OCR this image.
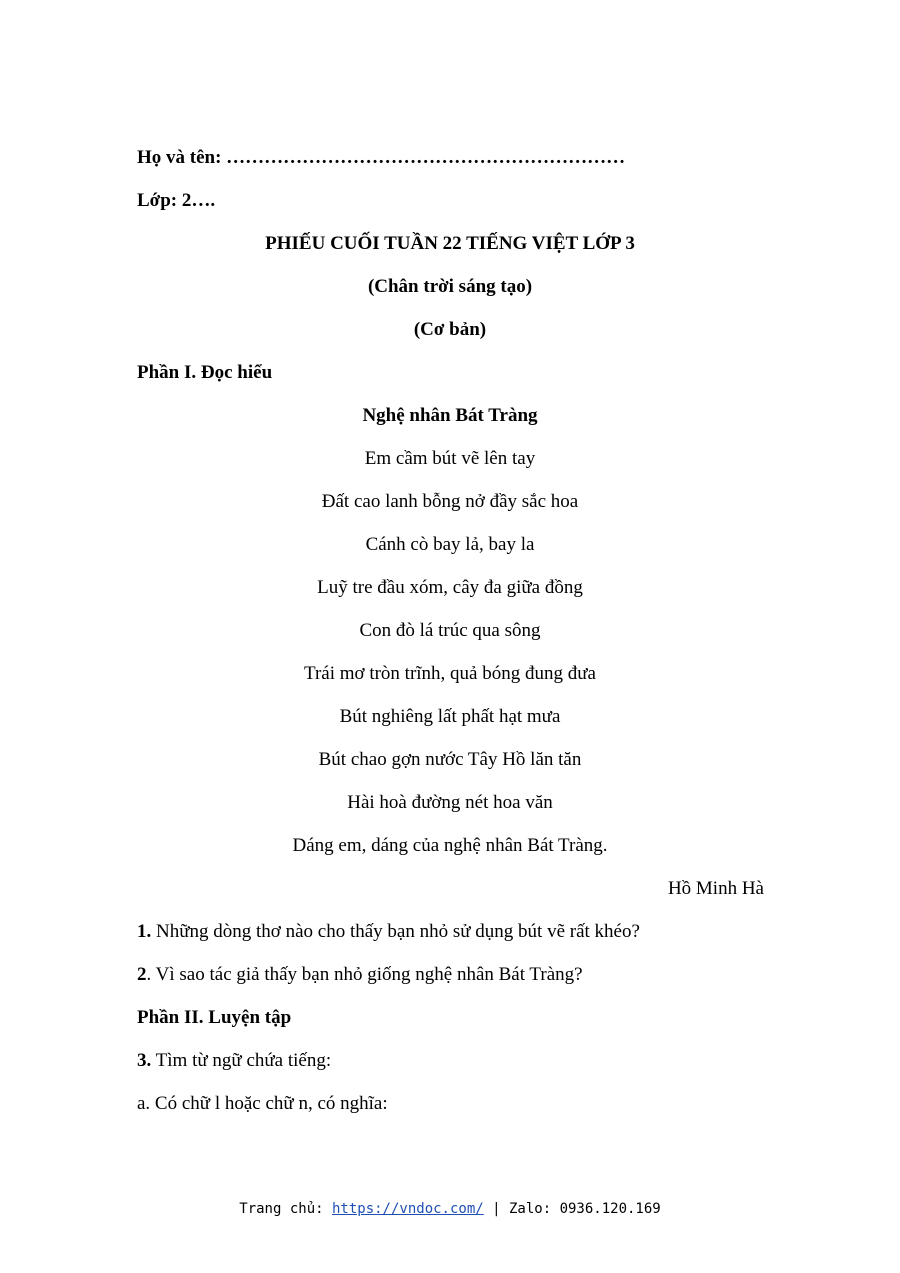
Họ và tên: ………………………………………………………
Lớp: 2….
PHIẾU CUỐI TUẦN 22 TIẾNG VIỆT LỚP 3
(Chân trời sáng tạo)
(Cơ bản)
Phần I. Đọc hiểu
Nghệ nhân Bát Tràng
Em cầm bút vẽ lên tay
Đất cao lanh bỗng nở đầy sắc hoa
Cánh cò bay lả, bay la
Luỹ tre đầu xóm, cây đa giữa đồng
Con đò lá trúc qua sông
Trái mơ tròn trĩnh, quả bóng đung đưa
Bút nghiêng lất phất hạt mưa
Bút chao gợn nước Tây Hồ lăn tăn
Hài hoà đường nét hoa văn
Dáng em, dáng của nghệ nhân Bát Tràng.
Hồ Minh Hà
1. Những dòng thơ nào cho thấy bạn nhỏ sử dụng bút vẽ rất khéo?
2. Vì sao tác giả thấy bạn nhỏ giống nghệ nhân Bát Tràng?
Phần II. Luyện tập
3. Tìm từ ngữ chứa tiếng:
a. Có chữ l hoặc chữ n, có nghĩa:
Trang chủ: https://vndoc.com/ | Zalo: 0936.120.169
